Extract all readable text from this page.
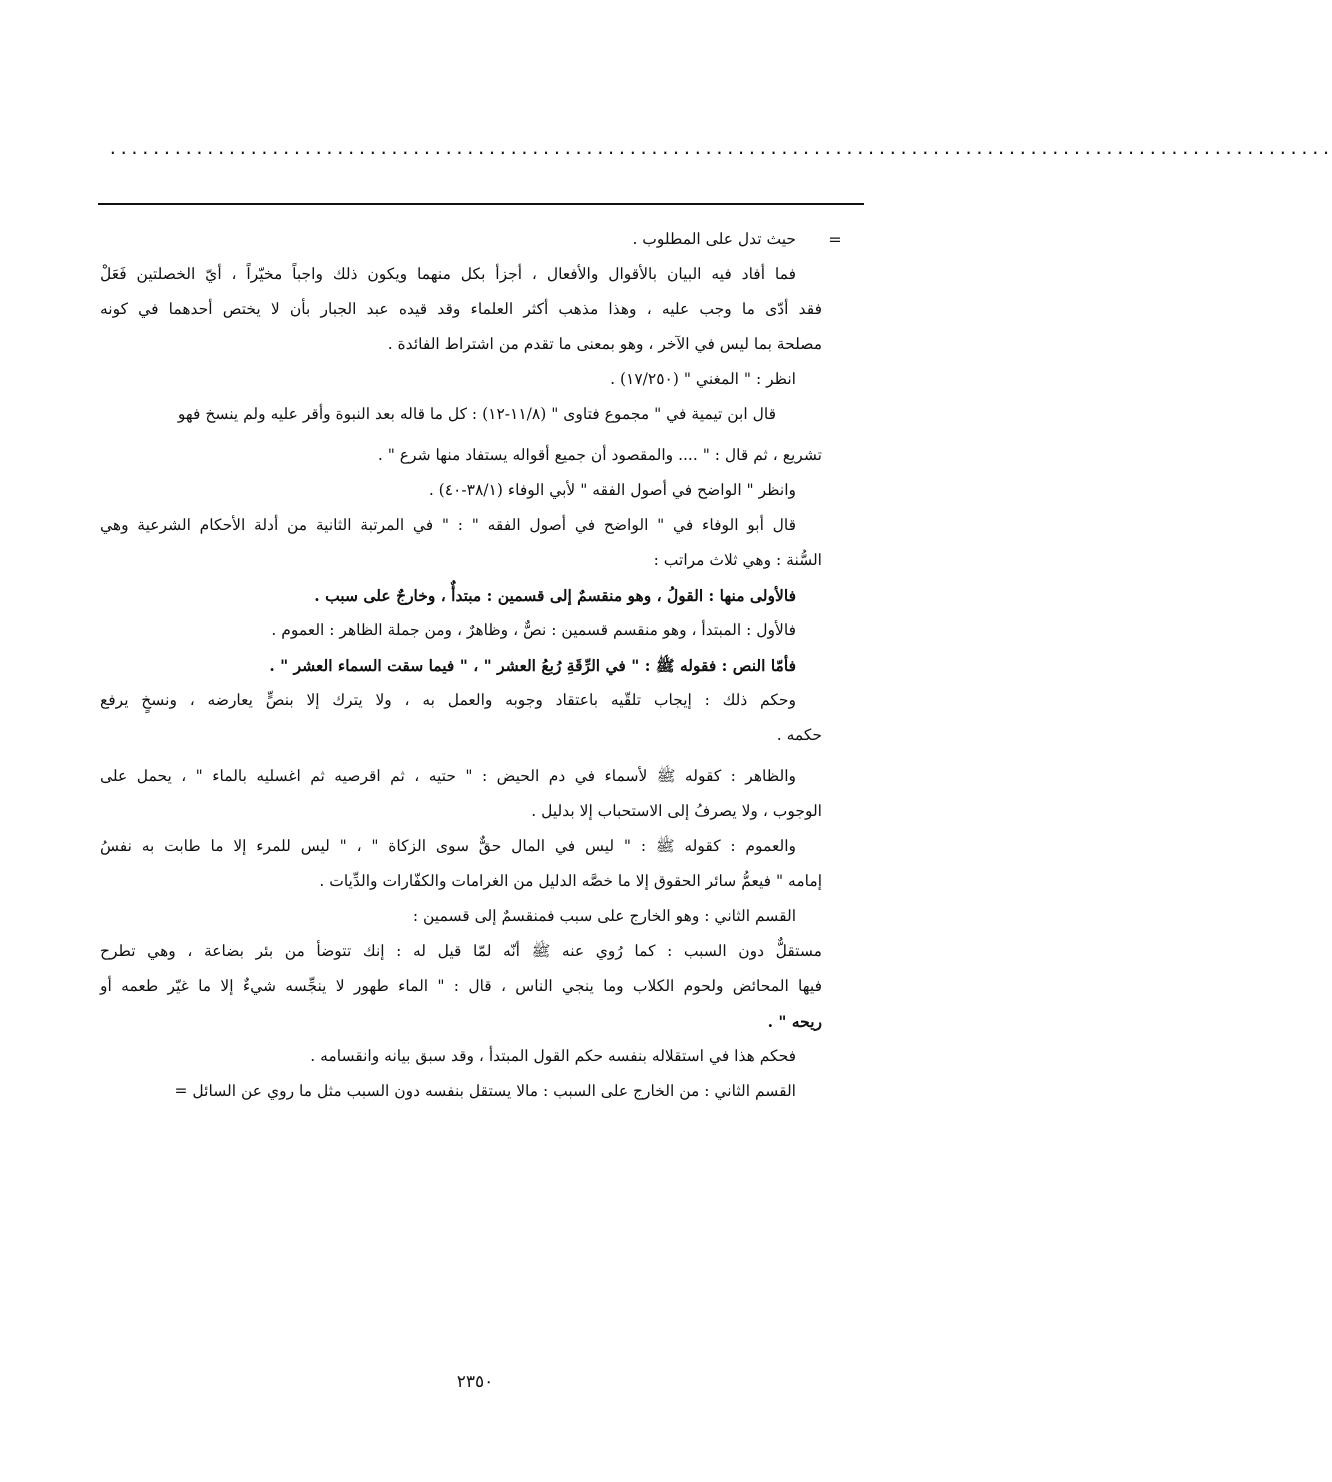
.................................................................................................................
=
حيث تدل على المطلوب .
فما أفاد فيه البيان بالأقوال والأفعال ، أجزأ بكل منهما ويكون ذلك واجباً مخيّراً ، أيّ الخصلتين فَعَلْ
فقد أدّى ما وجب عليه ، وهذا مذهب أكثر العلماء وقد قيده عبد الجبار بأن لا يختص أحدهما في كونه
مصلحة بما ليس في الآخر ، وهو بمعنى ما تقدم من اشتراط الفائدة .
انظر : " المغني " (١٧/٢٥٠) .
قال ابن تيمية في " مجموع فتاوى " (١١/٨-١٢) : كل ما قاله بعد النبوة وأقر عليه ولم ينسخ فهو
تشريع ، ثم قال : " .... والمقصود أن جميع أقواله يستفاد منها شرع " .
وانظر " الواضح في أصول الفقه " لأبي الوفاء (٣٨/١-٤٠) .
قال أبو الوفاء في " الواضح في أصول الفقه " : " في المرتبة الثانية من أدلة الأحكام الشرعية وهي
السُّنة : وهي ثلاث مراتب :
فالأولى منها : القولُ ، وهو منقسمٌ إلى قسمين : مبتدأٌ ، وخارجٌ على سبب .
فالأول : المبتدأ ، وهو منقسم قسمين : نصٌّ ، وظاهرٌ ، ومن جملة الظاهر : العموم .
فأمّا النص : فقوله ﷺ : " في الرِّقَةِ رُبعُ العشر " ، " فيما سقت السماء العشر " .
وحكم ذلك : إيجاب تلقّيه باعتقاد وجوبه والعمل به ، ولا يترك إلا بنصٍّ يعارضه ، ونسخٍ يرفع
حكمه .
والظاهر : كقوله ﷺ لأسماء في دم الحيض : " حتيه ، ثم اقرصيه ثم اغسليه بالماء " ، يحمل على
الوجوب ، ولا يصرفُ إلى الاستحباب إلا بدليل .
والعموم : كقوله ﷺ : " ليس في المال حقٌّ سوى الزكاة " ، " ليس للمرء إلا ما طابت به نفسُ
إمامه " فيعمُّ سائر الحقوق إلا ما خصَّه الدليل من الغرامات والكفّارات والدِّيات .
القسم الثاني : وهو الخارج على سبب فمنقسمٌ إلى قسمين :
مستقلٌّ دون السبب : كما رُوي عنه ﷺ أنّه لمّا قيل له : إنك تتوضأ من بئر بضاعة ، وهي تطرح
فيها المحائض ولحوم الكلاب وما ينجي الناس ، قال : " الماء طهور لا ينجِّسه شيءٌ إلا ما غيّر طعمه أو
ريحه " .
فحكم هذا في استقلاله بنفسه حكم القول المبتدأ ، وقد سبق بيانه وانقسامه .
القسم الثاني : من الخارج على السبب : مالا يستقل بنفسه دون السبب مثل ما روي عن السائل =
٢٣٥٠
